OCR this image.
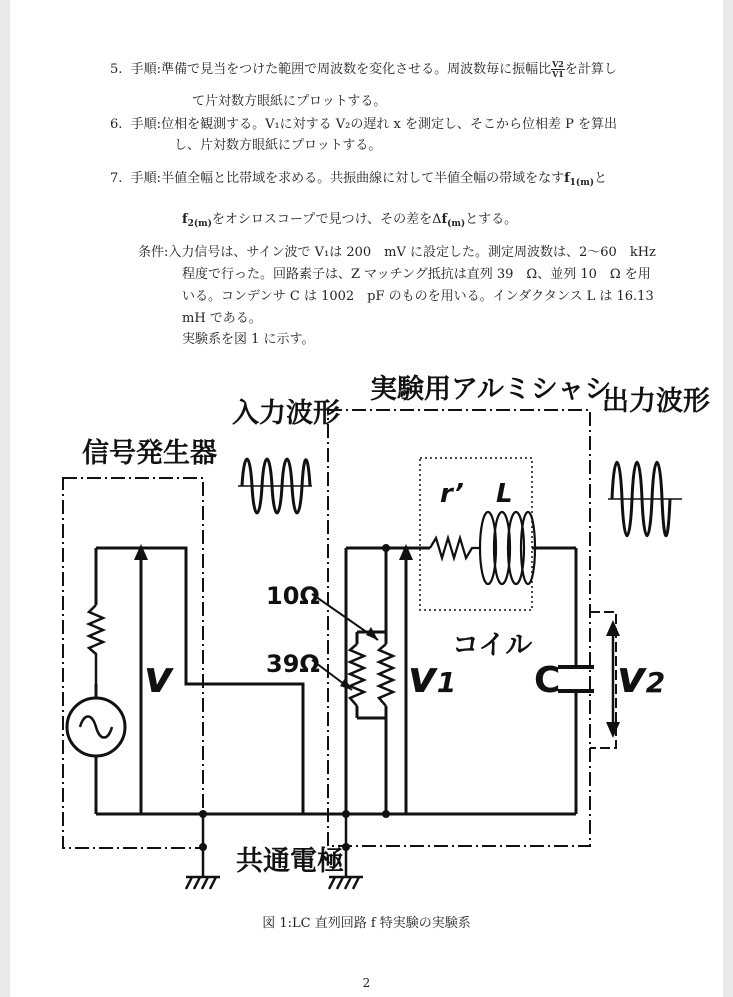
5. 手順:準備で見当をつけた範囲で周波数を変化させる。周波数毎に振幅比 $\frac{V2}{V1}$ を計算し
て片対数方眼紙にプロットする。
6. 手順:位相を観測する。V₁に対する V₂の遅れ x を測定し、そこから位相差 P を算出
し、片対数方眼紙にプロットする。
7. 手順:半値全幅と比帯域を求める。共振曲線に対して半値全幅の帯域をなす$f_{1(m)}$と
$f_{2(m)}$をオシロスコープで見つけ、その差を$\Delta f_{(m)}$とする。
条件:入力信号は、サイン波で V₁は 200　mV に設定した。測定周波数は、2～60　kHz
程度で行った。回路素子は、Z マッチング抵抗は直列 39　Ω、並列 10　Ω を用
いる。コンデンサ C は 1002　pF のものを用いる。インダクタンス L は 16.13
mH である。
実験系を図 1 に示す。
信号発生器
入力波形
実験用アルミシャシ
出力波形
r’ L
10Ω
39Ω
v	v1	v2
コイル
C
共通電極
図 1:LC 直列回路 f 特実験の実験系
2
